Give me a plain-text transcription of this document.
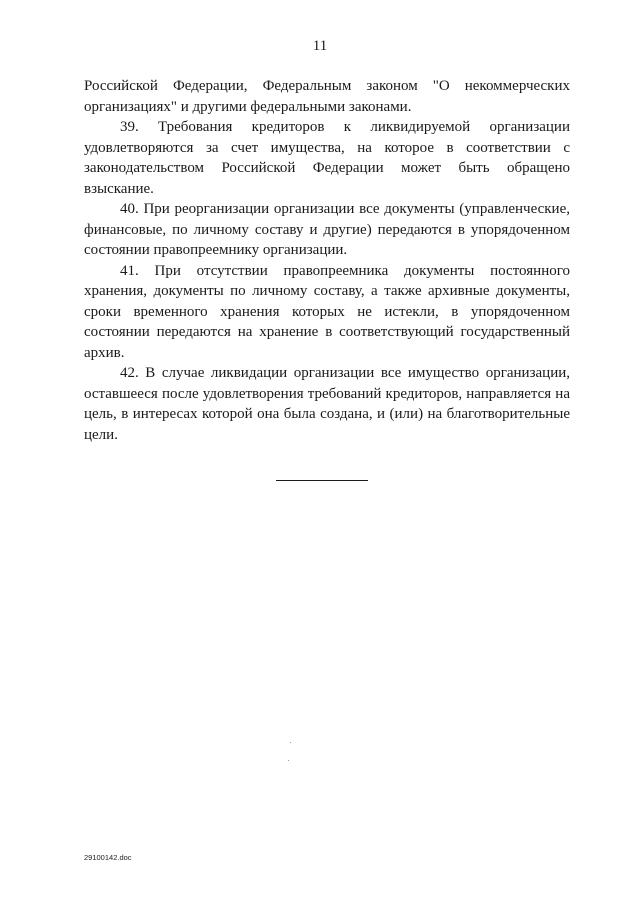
11

Российской Федерации, Федеральным законом "О некоммерческих организациях" и другими федеральными законами.

39. Требования кредиторов к ликвидируемой организации удовлетворяются за счет имущества, на которое в соответствии с законодательством Российской Федерации может быть обращено взыскание.

40. При реорганизации организации все документы (управленческие, финансовые, по личному составу и другие) передаются в упорядоченном состоянии правопреемнику организации.

41. При отсутствии правопреемника документы постоянного хранения, документы по личному составу, а также архивные документы, сроки временного хранения которых не истекли, в упорядоченном состоянии передаются на хранение в соответствующий государственный архив.

42. В случае ликвидации организации все имущество организации, оставшееся после удовлетворения требований кредиторов, направляется на цель, в интересах которой она была создана, и (или) на благотворительные цели.

29100142.doc
